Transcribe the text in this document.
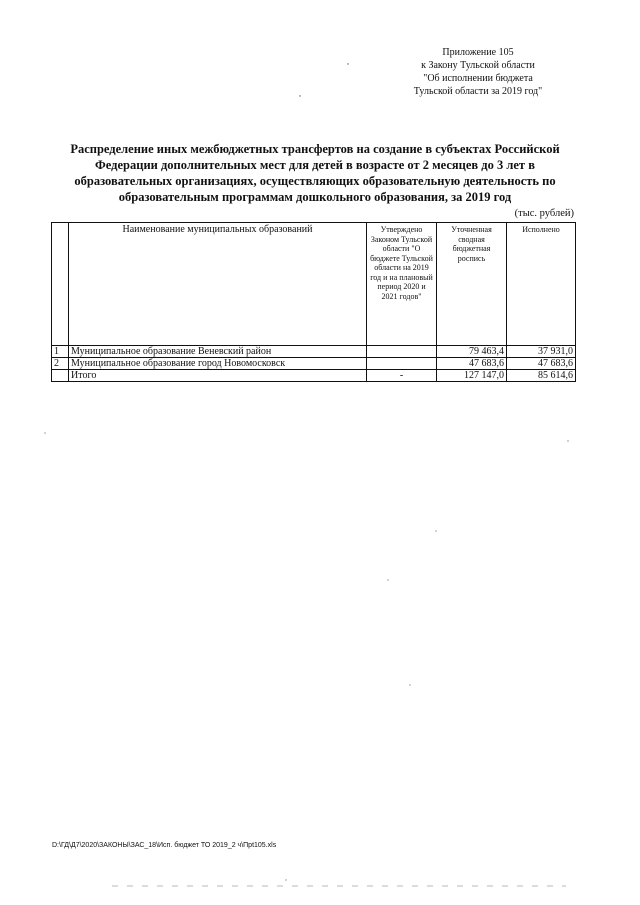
Приложение 105
к Закону Тульской области
"Об исполнении бюджета
Тульской области за 2019 год"
Распределение иных межбюджетных трансфертов на создание в субъектах Российской
Федерации дополнительных мест для детей в возрасте от 2 месяцев до 3 лет в
образовательных организациях, осуществляющих образовательную деятельность по
образовательным программам дошкольного образования, за 2019 год
(тыс. рублей)
	Наименование муниципальных образований	Утверждено Законом Тульской области "О бюджете Тульской области на 2019 год и на плановый период 2020 и 2021 годов"	Уточненная сводная бюджетная роспись	Исполнено
1	Муниципальное образование Веневский район		79 463,4	37 931,0
2	Муниципальное образование город Новомосковск		47 683,6	47 683,6
	Итого	-	127 147,0	85 614,6
D:\ГД\Д7\2020\ЗАКОНЫ\ЗАС_18\Исп. бюджет ТО 2019_2 ч\Пpt105.xls
